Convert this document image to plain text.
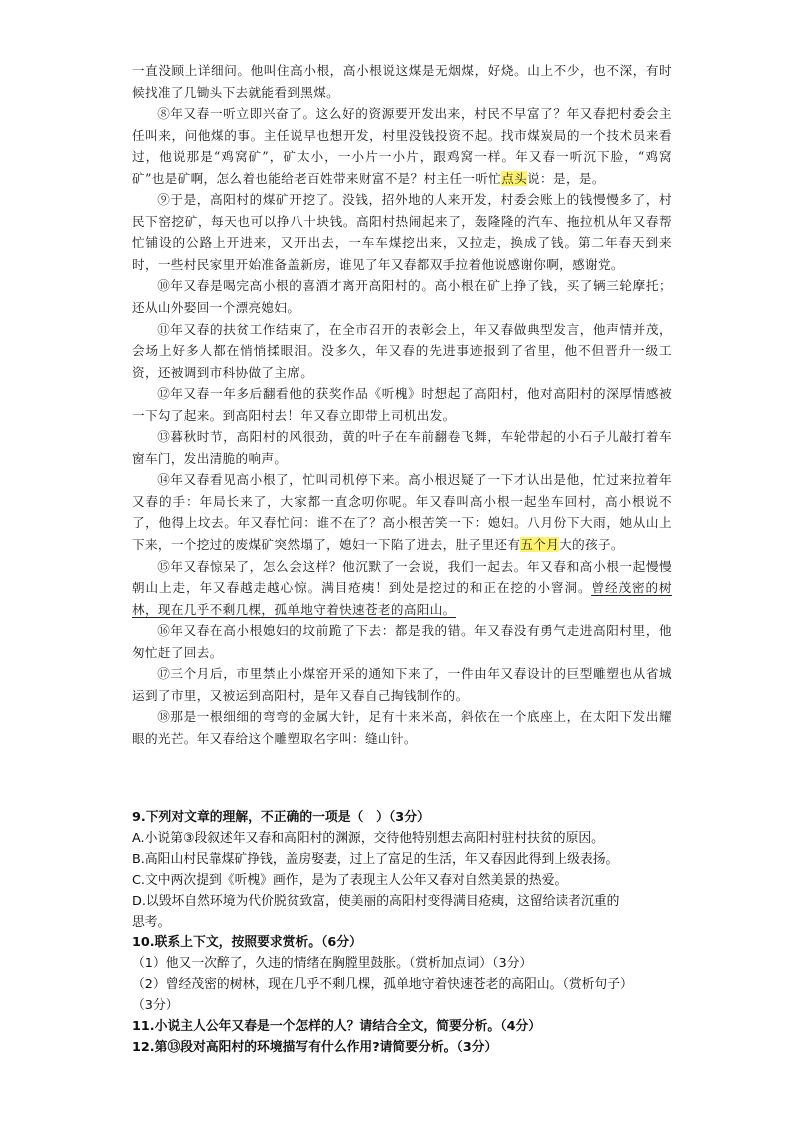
一直没顾上详细问。他叫住高小根，高小根说这煤是无烟煤，好烧。山上不少，也不深，有时候找准了几锄头下去就能看到黑煤。

⑧年又春一听立即兴奋了。这么好的资源要开发出来，村民不早富了？年又春把村委会主任叫来，问他煤的事。主任说早也想开发，村里没钱投资不起。找市煤炭局的一个技术员来看过，他说那是“鸡窝矿”，矿太小，一小片一小片，跟鸡窝一样。年又春一听沉下脸，“鸡窝矿”也是矿啊，怎么着也能给老百姓带来财富不是？村主任一听忙点头说：是，是。

⑨于是，高阳村的煤矿开挖了。没钱，招外地的人来开发，村委会账上的钱慢慢多了，村民下窑挖矿，每天也可以挣八十块钱。高阳村热闹起来了，轰隆隆的汽车、拖拉机从年又春帮忙铺设的公路上开进来，又开出去，一车车煤挖出来，又拉走，换成了钱。第二年春天到来时，一些村民家里开始准备盖新房，谁见了年又春都双手拉着他说感谢你啊，感谢党。

⑩年又春是喝完高小根的喜酒才离开高阳村的。高小根在矿上挣了钱，买了辆三轮摩托；还从山外娶回一个漂亮媳妇。

⑪年又春的扶贫工作结束了，在全市召开的表彰会上，年又春做典型发言，他声情并茂，会场上好多人都在悄悄揉眼泪。没多久，年又春的先进事迹报到了省里，他不但晋升一级工资，还被调到市科协做了主席。

⑫年又春一年多后翻看他的获奖作品《听槐》时想起了高阳村，他对高阳村的深厚情感被一下勾了起来。到高阳村去！年又春立即带上司机出发。

⑬暮秋时节，高阳村的风很劲，黄的叶子在车前翻卷飞舞，车轮带起的小石子儿敲打着车窗车门，发出清脆的响声。

⑭年又春看见高小根了，忙叫司机停下来。高小根迟疑了一下才认出是他，忙过来拉着年又春的手：年局长来了，大家都一直念叨你呢。年又春叫高小根一起坐车回村，高小根说不了，他得上坟去。年又春忙问：谁不在了？高小根苦笑一下：媳妇。八月份下大雨，她从山上下来，一个挖过的废煤矿突然塌了，媳妇一下陷了进去，肚子里还有五个月大的孩子。

⑮年又春惊呆了，怎么会这样？他沉默了一会说，我们一起去。年又春和高小根一起慢慢朝山上走，年又春越走越心惊。满目疮痍！到处是挖过的和正在挖的小窨洞。曾经茂密的树林，现在几乎不剩几棵，孤单地守着快速苍老的高阳山。

⑯年又春在高小根媳妇的坟前跪了下去：都是我的错。年又春没有勇气走进高阳村里，他匆忙赶了回去。

⑰三个月后，市里禁止小煤窑开采的通知下来了，一件由年又春设计的巨型雕塑也从省城运到了市里，又被运到高阳村，是年又春自己掏钱制作的。

⑱那是一根细细的弯弯的金属大针，足有十来米高，斜依在一个底座上，在太阳下发出耀眼的光芒。年又春给这个雕塑取名字叫：缝山针。

9.下列对文章的理解，不正确的一项是（　）（3分）

A.小说第③段叙述年又春和高阳村的渊源，交待他特别想去高阳村驻村扶贫的原因。

B.高阳山村民靠煤矿挣钱，盖房娶妻，过上了富足的生活，年又春因此得到上级表扬。

C.文中两次提到《听槐》画作，是为了表现主人公年又春对自然美景的热爱。

D.以毁坏自然环境为代价脱贫致富，使美丽的高阳村变得满目疮痍，这留给读者沉重的

思考。

10.联系上下文，按照要求赏析。（6分）

（1）他又一次醉了，久违的情绪在胸膛里鼓胀。（赏析加点词）（3分）

（2）曾经茂密的树林，现在几乎不剩几棵，孤单地守着快速苍老的高阳山。（赏析句子）

（3分）

11.小说主人公年又春是一个怎样的人？请结合全文，简要分析。（4分）

12.第⑬段对高阳村的环境描写有什么作用?请简要分析。（3分）
